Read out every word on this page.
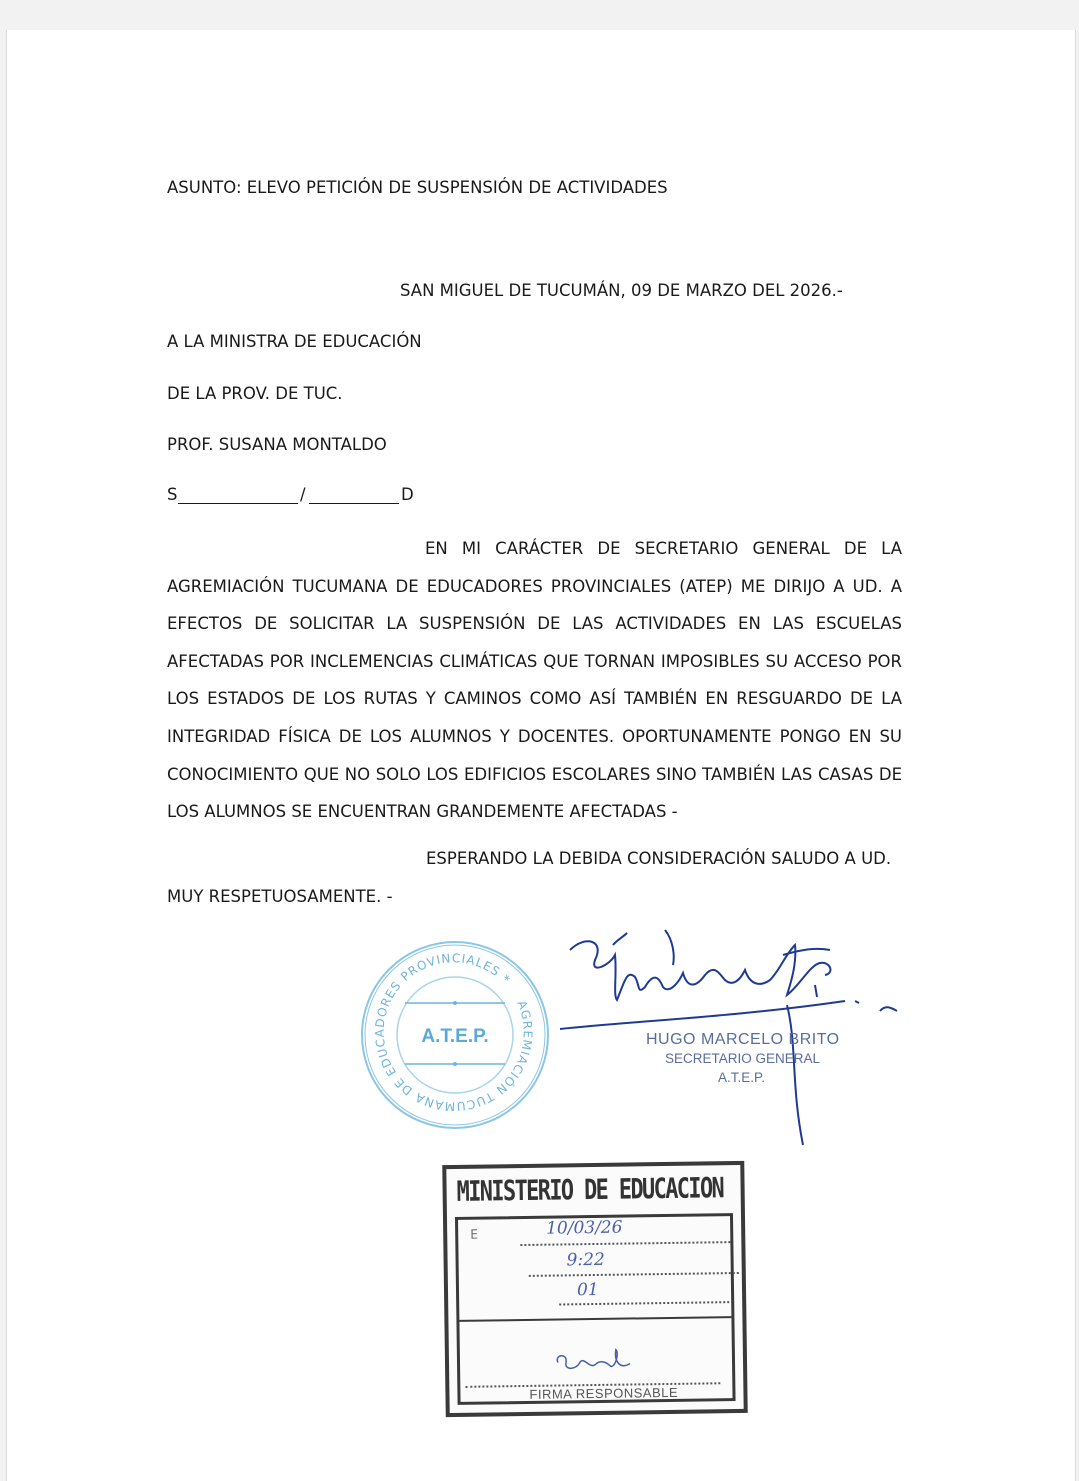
ASUNTO: ELEVO PETICIÓN DE SUSPENSIÓN DE ACTIVIDADES

SAN MIGUEL DE TUCUMÁN, 09 DE MARZO DEL 2026.-

A LA MINISTRA DE EDUCACIÓN

DE LA PROV. DE TUC.

PROF. SUSANA MONTALDO

S	/	D

EN MI CARÁCTER DE SECRETARIO GENERAL DE LA AGREMIACIÓN TUCUMANA DE EDUCADORES PROVINCIALES (ATEP) ME DIRIJO A UD. A EFECTOS DE SOLICITAR LA SUSPENSIÓN DE LAS ACTIVIDADES EN LAS ESCUELAS AFECTADAS POR INCLEMENCIAS CLIMÁTICAS QUE TORNAN IMPOSIBLES SU ACCESO POR LOS ESTADOS DE LOS RUTAS Y CAMINOS COMO ASÍ TAMBIÉN EN RESGUARDO DE LA INTEGRIDAD FÍSICA DE LOS ALUMNOS Y DOCENTES. OPORTUNAMENTE PONGO EN SU CONOCIMIENTO QUE NO SOLO LOS EDIFICIOS ESCOLARES SINO TAMBIÉN LAS CASAS DE LOS ALUMNOS SE ENCUENTRAN GRANDEMENTE AFECTADAS -

ESPERANDO LA DEBIDA CONSIDERACIÓN SALUDO A UD.

MUY RESPETUOSAMENTE. -

AGREMIACIÓN TUCUMANA DE EDUCADORES PROVINCIALES *
A.T.E.P.	HUGO MARCELO BRITO
SECRETARIO GENERAL
A.T.E.P.
MINISTERIO DE EDUCACION
E	10/03/26
9:22
01
FIRMA RESPONSABLE
